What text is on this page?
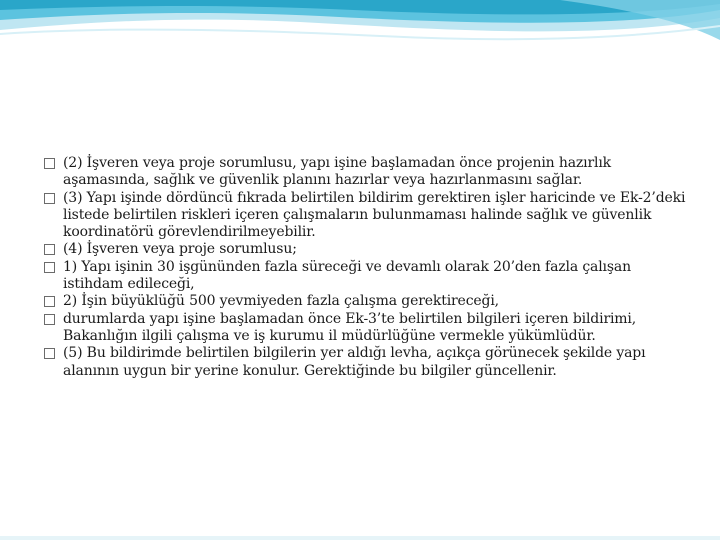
(2) İşveren veya proje sorumlusu, yapı işine başlamadan önce projenin hazırlık aşamasında, sağlık ve güvenlik planını hazırlar veya hazırlanmasını sağlar.
(3) Yapı işinde dördüncü fıkrada belirtilen bildirim gerektiren işler haricinde ve Ek-2’deki listede belirtilen riskleri içeren çalışmaların bulunmaması halinde sağlık ve güvenlik koordinatörü görevlendirilmeyebilir.
(4) İşveren veya proje sorumlusu;
1) Yapı işinin 30 işgününden fazla süreceği ve devamlı olarak 20’den fazla çalışan istihdam edileceği,
2) İşin büyüklüğü 500 yevmiyeden fazla çalışma gerektireceği,
durumlarda yapı işine başlamadan önce Ek-3’te belirtilen bilgileri içeren bildirimi, Bakanlığın ilgili çalışma ve iş kurumu il müdürlüğüne vermekle yükümlüdür.
(5) Bu bildirimde belirtilen bilgilerin yer aldığı levha, açıkça görünecek şekilde yapı alanının uygun bir yerine konulur. Gerektiğinde bu bilgiler güncellenir.
